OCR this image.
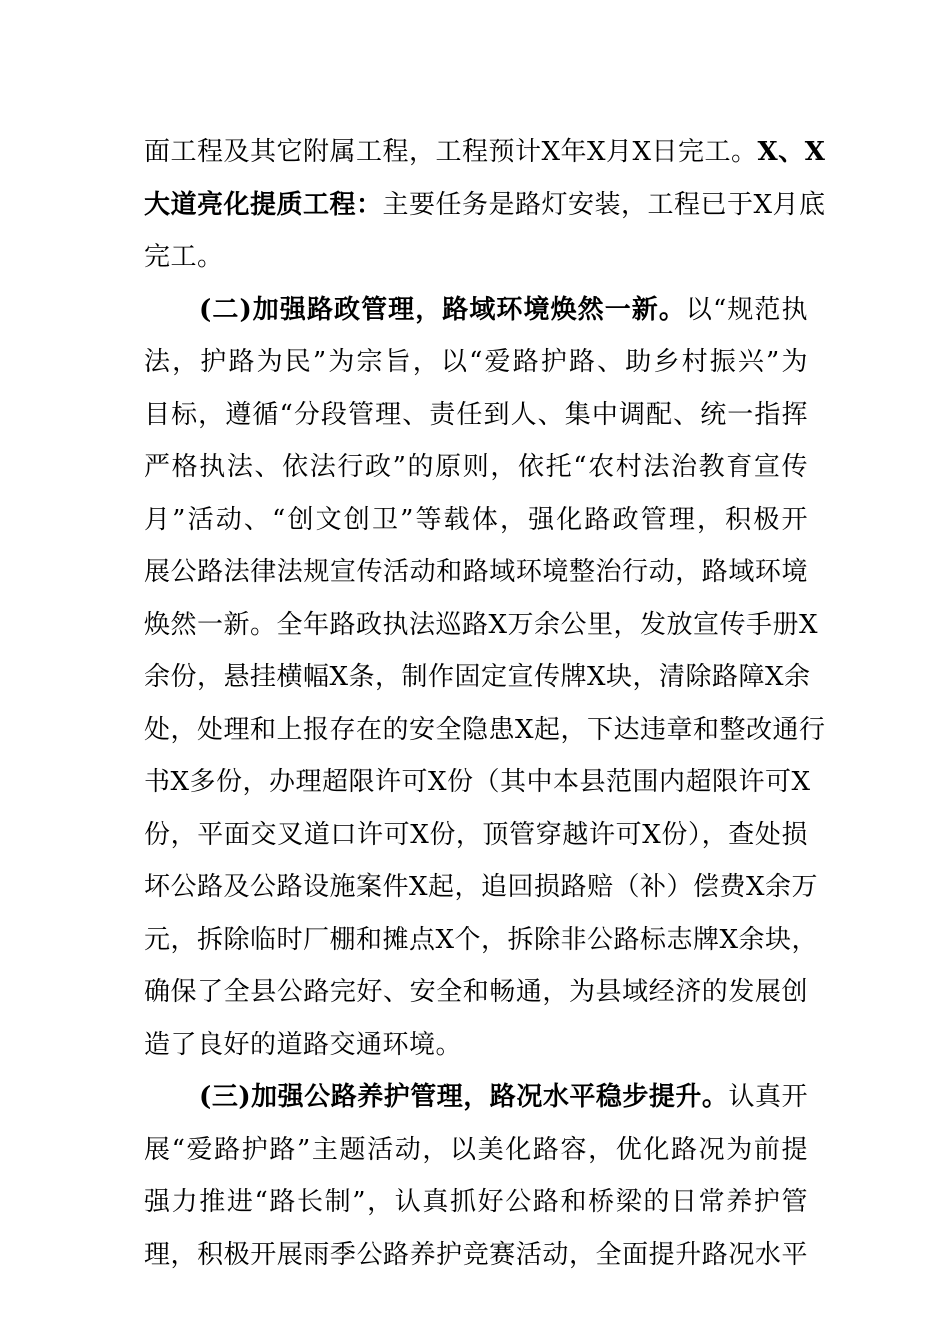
面工程及其它附属工程，工程预计X年X月X日完工。X、X
大道亮化提质工程：主要任务是路灯安装，工程已于X月底
完工。
(二)加强路政管理，路域环境焕然一新。以“规范执
法，护路为民”为宗旨，以“爱路护路、助乡村振兴”为
目标，遵循“分段管理、责任到人、集中调配、统一指挥
严格执法、依法行政”的原则，依托“农村法治教育宣传
月”活动、“创文创卫”等载体，强化路政管理，积极开
展公路法律法规宣传活动和路域环境整治行动，路域环境
焕然一新。全年路政执法巡路X万余公里，发放宣传手册X
余份，悬挂横幅X条，制作固定宣传牌X块，清除路障X余
处，处理和上报存在的安全隐患X起，下达违章和整改通行
书X多份，办理超限许可X份（其中本县范围内超限许可X
份，平面交叉道口许可X份，顶管穿越许可X份），查处损
坏公路及公路设施案件X起，追回损路赔（补）偿费X余万
元，拆除临时厂棚和摊点X个，拆除非公路标志牌X余块，
确保了全县公路完好、安全和畅通，为县域经济的发展创
造了良好的道路交通环境。
(三)加强公路养护管理，路况水平稳步提升。认真开
展“爱路护路”主题活动，以美化路容，优化路况为前提
强力推进“路长制”，认真抓好公路和桥梁的日常养护管
理，积极开展雨季公路养护竞赛活动，全面提升路况水平
